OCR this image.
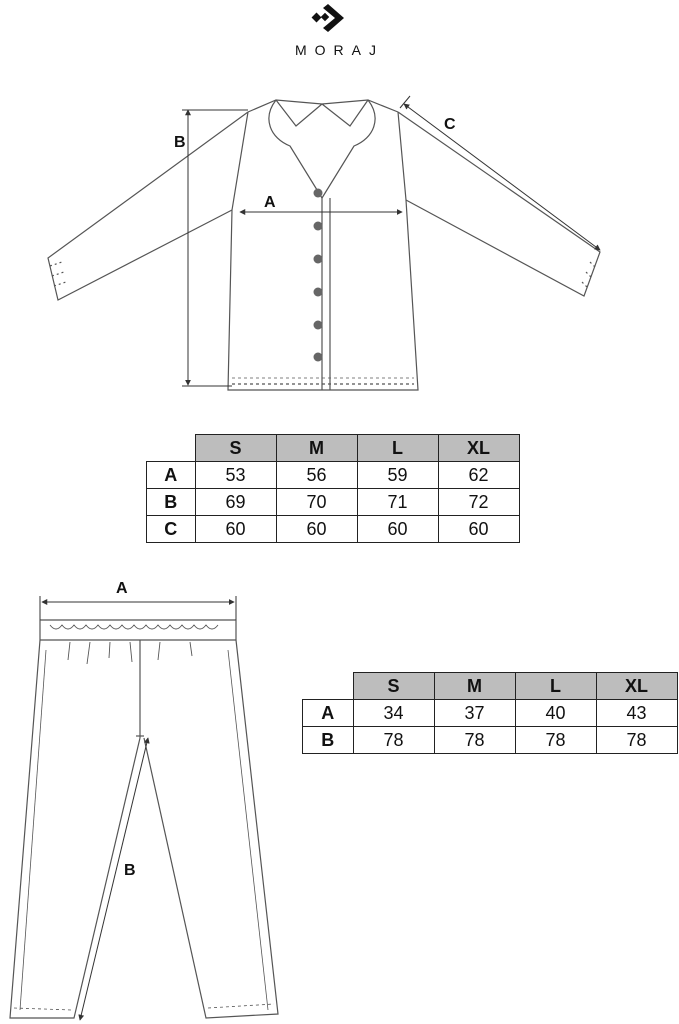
MORAJ
B
A
C
A
B
	S	M	L	XL
A	53	56	59	62
B	69	70	71	72
C	60	60	60	60
	S	M	L	XL
A	34	37	40	43
B	78	78	78	78
